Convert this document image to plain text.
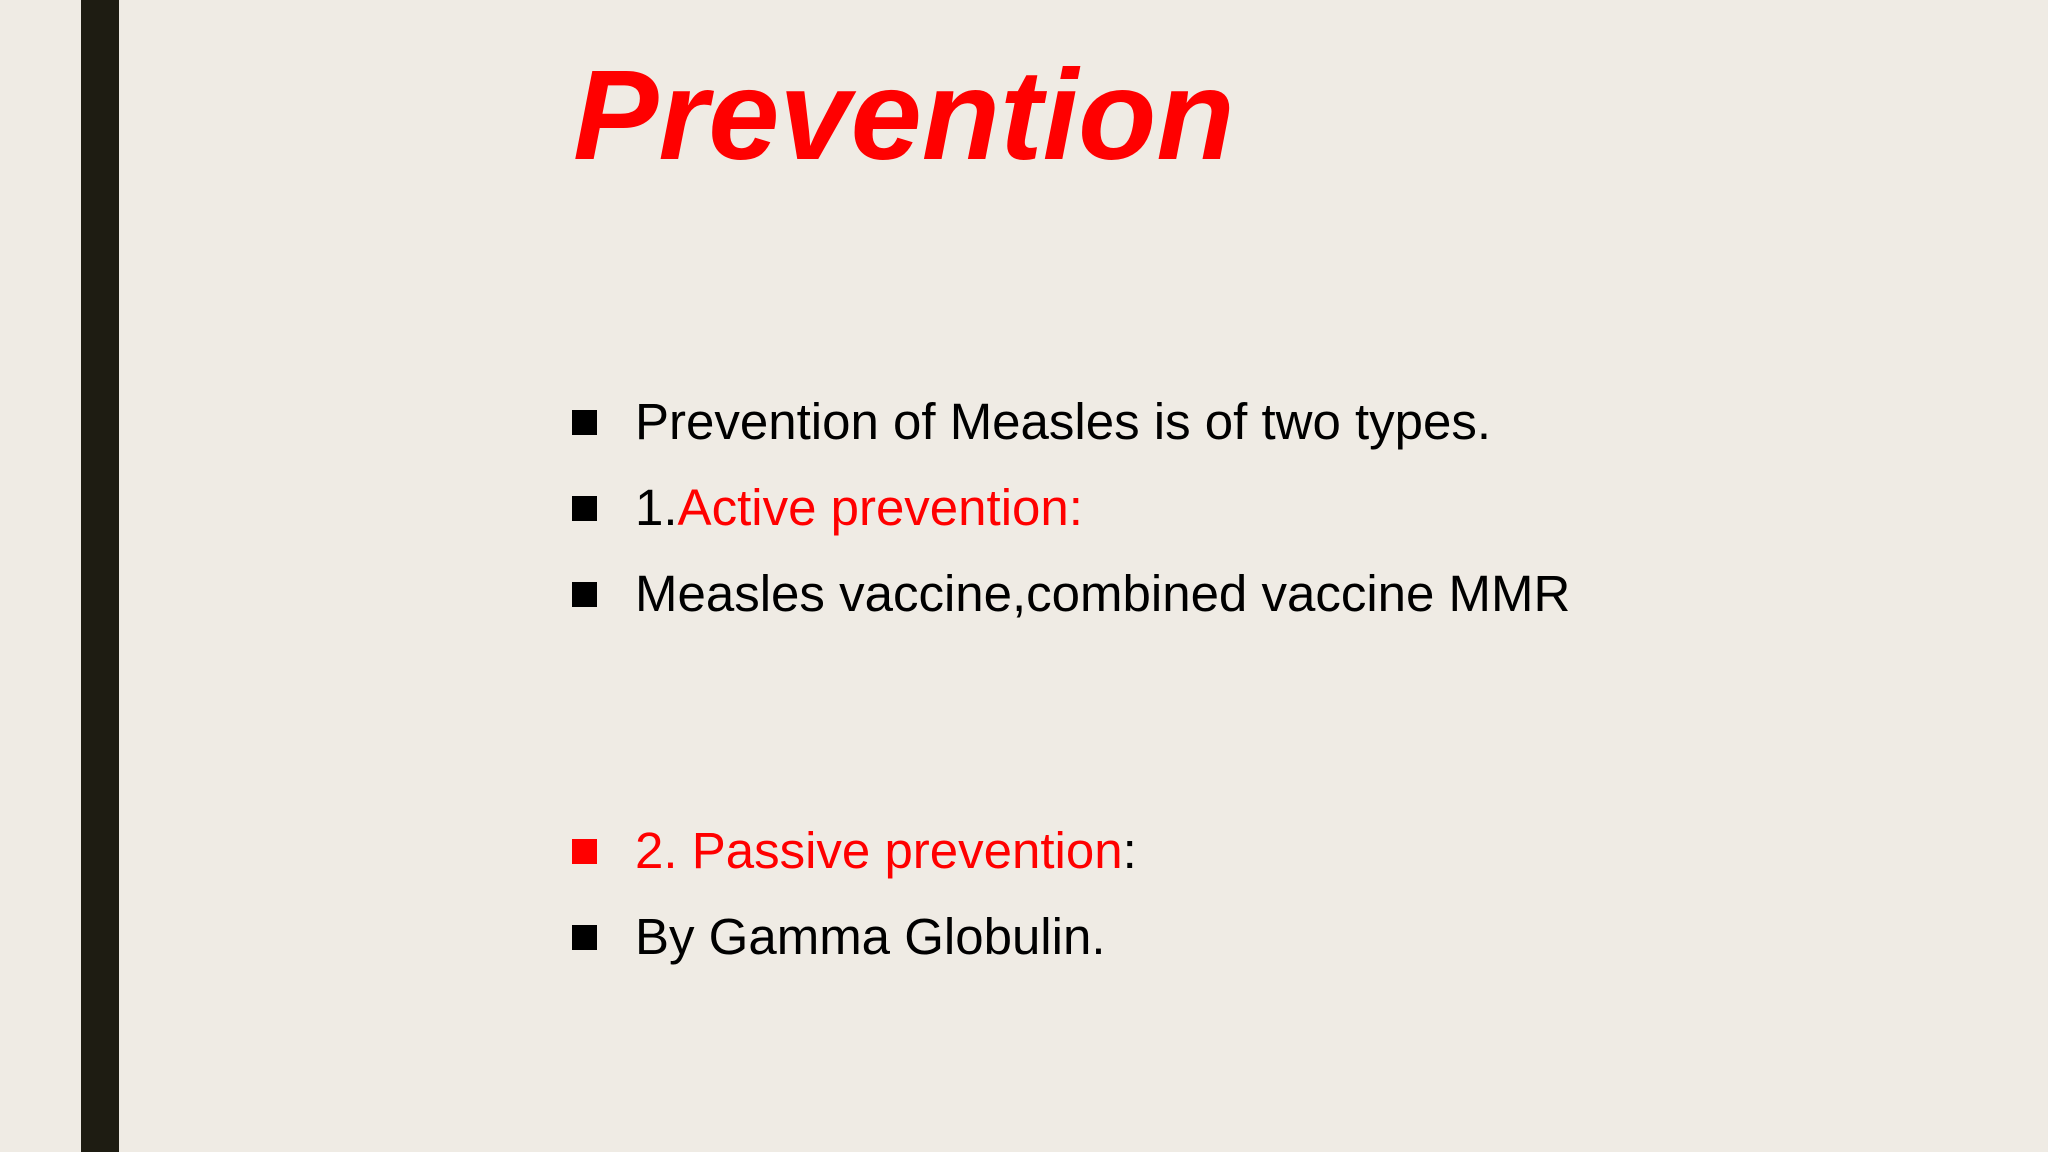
Prevention
Prevention of Measles is of two types.
1.Active prevention:
Measles vaccine,combined vaccine MMR
2. Passive prevention:
By Gamma Globulin.
